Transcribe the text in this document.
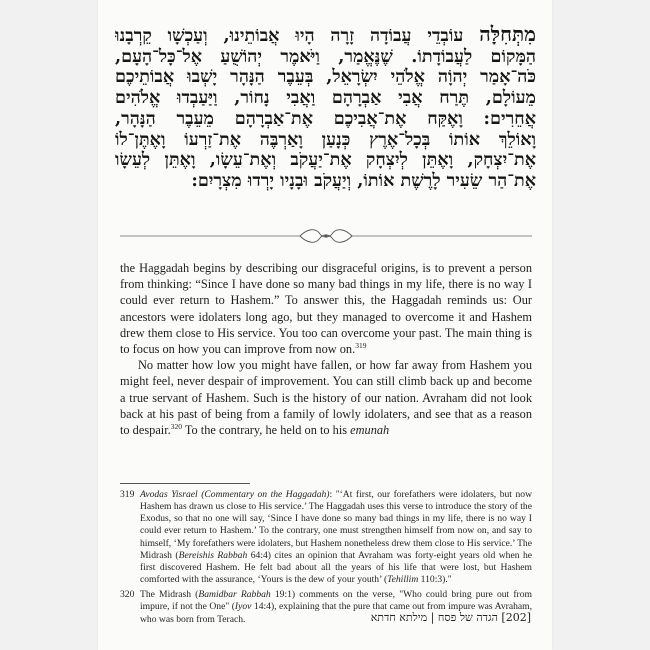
מִתְּחִלָּה עוֹבְדֵי עֲבוֹדָה זָרָה הָיוּ אֲבוֹתֵינוּ, וְעַכְשָׁו קֵרְבָנוּ
הַמָּקוֹם לַעֲבוֹדָתוֹ. שֶׁנֶּאֱמַר, וַיֹּאמֶר יְהוֹשֻׁעַ אֶל־כָּל־הָעָם,
כֹּה־אָמַר יְהוָֹה אֱלֹהֵי יִשְׂרָאֵל, בְּעֵבֶר הַנָּהָר יָשְׁבוּ אֲבוֹתֵיכֶם
מֵעוֹלָם, תֶּרַח אֲבִי אַבְרָהָם וַאֲבִי נָחוֹר, וַיַּעַבְדוּ אֱלֹהִים
אֲחֵרִים: וָאֶקַּח אֶת־אֲבִיכֶם אֶת־אַבְרָהָם מֵעֵבֶר הַנָּהָר,
וָאוֹלֵךְ אוֹתוֹ בְּכָל־אֶרֶץ כְּנָעַן וָאַרְבֶּה אֶת־זַרְעוֹ וָאֶתֶּן־לוֹ
אֶת־יִצְחָק, וָאֶתֵּן לְיִצְחָק אֶת־יַעֲקֹב וְאֶת־עֵשָׂו, וָאֶתֵּן לְעֵשָׂו
אֶת־הַר שֵׂעִיר לָרֶשֶׁת אוֹתוֹ, וְיַעֲקֹב וּבָנָיו יָרְדוּ מִצְרָיִם:

the Haggadah begins by describing our disgraceful origins, is to prevent a person from thinking: “Since I have done so many bad things in my life, there is no way I could ever return to Hashem.” To answer this, the Haggadah reminds us: Our ancestors were idolaters long ago, but they managed to overcome it and Hashem drew them close to His service. You too can overcome your past. The main thing is to focus on how you can improve from now on.$^{319}$

No matter how low you might have fallen, or how far away from Hashem you might feel, never despair of improvement. You can still climb back up and become a true servant of Hashem. Such is the history of our nation. Avraham did not look back at his past of being from a family of lowly idolaters, and see that as a reason to despair.$^{320}$ To the contrary, he held on to his emunah

319 Avodas Yisrael (Commentary on the Haggadah): "‘At first, our forefathers were idolaters, but now Hashem has drawn us close to His service.’ The Haggadah uses this verse to introduce the story of the Exodus, so that no one will say, ‘Since I have done so many bad things in my life, there is no way I could ever return to Hashem.’ To the contrary, one must strengthen himself from now on, and say to himself, ‘My forefathers were idolaters, but Hashem nonetheless drew them close to His service.’ The Midrash (Bereishis Rabbah 64:4) cites an opinion that Avraham was forty-eight years old when he first discovered Hashem. He felt bad about all the years of his life that were lost, but Hashem comforted with the assurance, ‘Yours is the dew of your youth’ (Tehillim 110:3)."
320 The Midrash (Bamidbar Rabbah 19:1) comments on the verse, "Who could bring pure out from impure, if not the One" (Iyov 14:4), explaining that the pure that came out from impure was Avraham, who was born from Terach.	[202] הגדה של פסח | מילתא חדתא
